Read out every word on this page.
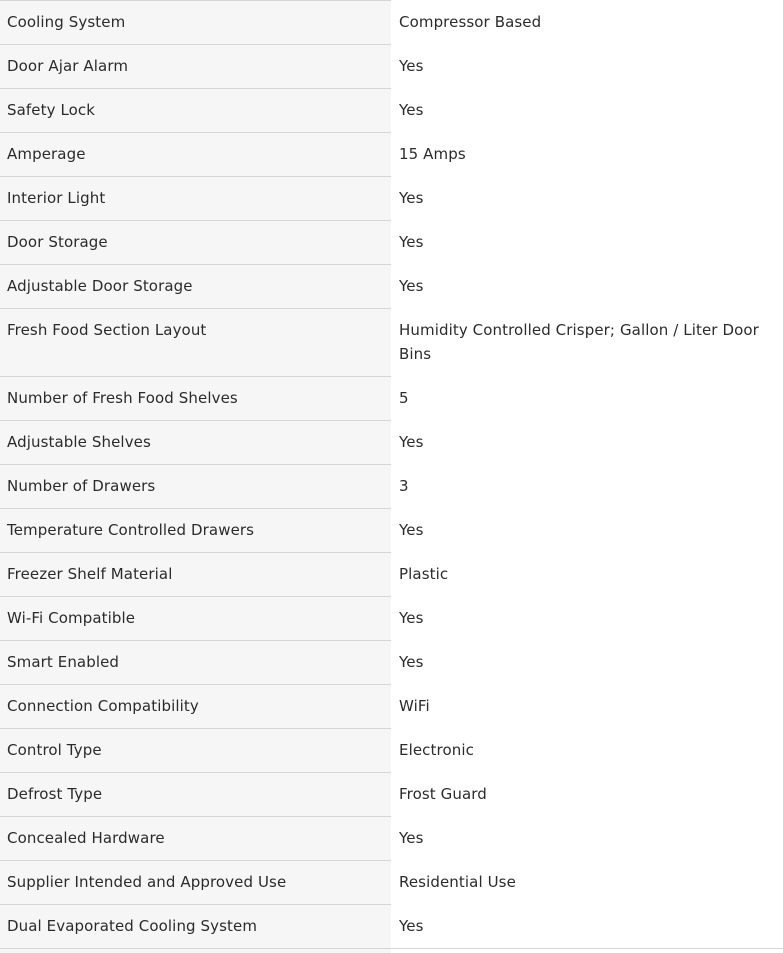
Cooling System	Compressor Based
Door Ajar Alarm	Yes
Safety Lock	Yes
Amperage	15 Amps
Interior Light	Yes
Door Storage	Yes
Adjustable Door Storage	Yes
Fresh Food Section Layout	Humidity Controlled Crisper; Gallon / Liter Door Bins
Number of Fresh Food Shelves	5
Adjustable Shelves	Yes
Number of Drawers	3
Temperature Controlled Drawers	Yes
Freezer Shelf Material	Plastic
Wi-Fi Compatible	Yes
Smart Enabled	Yes
Connection Compatibility	WiFi
Control Type	Electronic
Defrost Type	Frost Guard
Concealed Hardware	Yes
Supplier Intended and Approved Use	Residential Use
Dual Evaporated Cooling System	Yes
